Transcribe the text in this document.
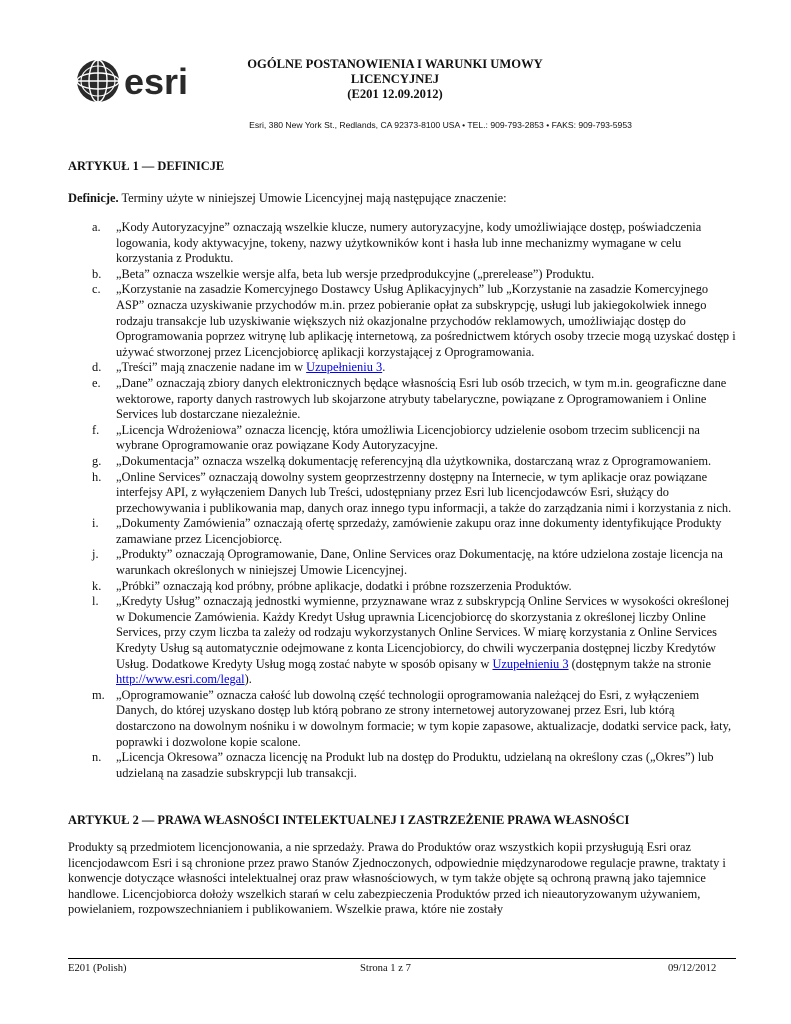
esri	OGÓLNE POSTANOWIENIA I WARUNKI UMOWY
LICENCYJNEJ
(E201 12.09.2012)
Esri, 380 New York St., Redlands, CA 92373-8100 USA • TEL.: 909-793-2853 • FAKS: 909-793-5953
ARTYKUŁ 1 — DEFINICJE
Definicje. Terminy użyte w niniejszej Umowie Licencyjnej mają następujące znaczenie:
a. „Kody Autoryzacyjne” oznaczają wszelkie klucze, numery autoryzacyjne, kody umożliwiające dostęp, poświadczenia logowania, kody aktywacyjne, tokeny, nazwy użytkowników kont i hasła lub inne mechanizmy wymagane w celu korzystania z Produktu.
b. „Beta” oznacza wszelkie wersje alfa, beta lub wersje przedprodukcyjne („prerelease”) Produktu.
c. „Korzystanie na zasadzie Komercyjnego Dostawcy Usług Aplikacyjnych” lub „Korzystanie na zasadzie Komercyjnego ASP” oznacza uzyskiwanie przychodów m.in. przez pobieranie opłat za subskrypcję, usługi lub jakiegokolwiek innego rodzaju transakcje lub uzyskiwanie większych niż okazjonalne przychodów reklamowych, umożliwiając dostęp do Oprogramowania poprzez witrynę lub aplikację internetową, za pośrednictwem których osoby trzecie mogą uzyskać dostęp i używać stworzonej przez Licencjobiorcę aplikacji korzystającej z Oprogramowania.
d. „Treści” mają znaczenie nadane im w Uzupełnieniu 3.
e. „Dane” oznaczają zbiory danych elektronicznych będące własnością Esri lub osób trzecich, w tym m.in. geograficzne dane wektorowe, raporty danych rastrowych lub skojarzone atrybuty tabelaryczne, powiązane z Oprogramowaniem i Online Services lub dostarczane niezależnie.
f. „Licencja Wdrożeniowa” oznacza licencję, która umożliwia Licencjobiorcy udzielenie osobom trzecim sublicencji na wybrane Oprogramowanie oraz powiązane Kody Autoryzacyjne.
g. „Dokumentacja” oznacza wszelką dokumentację referencyjną dla użytkownika, dostarczaną wraz z Oprogramowaniem.
h. „Online Services” oznaczają dowolny system geoprzestrzenny dostępny na Internecie, w tym aplikacje oraz powiązane interfejsy API, z wyłączeniem Danych lub Treści, udostępniany przez Esri lub licencjodawców Esri, służący do przechowywania i publikowania map, danych oraz innego typu informacji, a także do zarządzania nimi i korzystania z nich.
i. „Dokumenty Zamówienia” oznaczają ofertę sprzedaży, zamówienie zakupu oraz inne dokumenty identyfikujące Produkty zamawiane przez Licencjobiorcę.
j. „Produkty” oznaczają Oprogramowanie, Dane, Online Services oraz Dokumentację, na które udzielona zostaje licencja na warunkach określonych w niniejszej Umowie Licencyjnej.
k. „Próbki” oznaczają kod próbny, próbne aplikacje, dodatki i próbne rozszerzenia Produktów.
l. „Kredyty Usług” oznaczają jednostki wymienne, przyznawane wraz z subskrypcją Online Services w wysokości określonej w Dokumencie Zamówienia. Każdy Kredyt Usług uprawnia Licencjobiorcę do skorzystania z określonej liczby Online Services, przy czym liczba ta zależy od rodzaju wykorzystanych Online Services. W miarę korzystania z Online Services Kredyty Usług są automatycznie odejmowane z konta Licencjobiorcy, do chwili wyczerpania dostępnej liczby Kredytów Usług. Dodatkowe Kredyty Usług mogą zostać nabyte w sposób opisany w Uzupełnieniu 3 (dostępnym także na stronie http://www.esri.com/legal).
m. „Oprogramowanie” oznacza całość lub dowolną część technologii oprogramowania należącej do Esri, z wyłączeniem Danych, do której uzyskano dostęp lub którą pobrano ze strony internetowej autoryzowanej przez Esri, lub którą dostarczono na dowolnym nośniku i w dowolnym formacie; w tym kopie zapasowe, aktualizacje, dodatki service pack, łaty, poprawki i dozwolone kopie scalone.
n. „Licencja Okresowa” oznacza licencję na Produkt lub na dostęp do Produktu, udzielaną na określony czas („Okres”) lub udzielaną na zasadzie subskrypcji lub transakcji.
ARTYKUŁ 2 — PRAWA WŁASNOŚCI INTELEKTUALNEJ I ZASTRZEŻENIE PRAWA WŁASNOŚCI
Produkty są przedmiotem licencjonowania, a nie sprzedaży. Prawa do Produktów oraz wszystkich kopii przysługują Esri oraz licencjodawcom Esri i są chronione przez prawo Stanów Zjednoczonych, odpowiednie międzynarodowe regulacje prawne, traktaty i konwencje dotyczące własności intelektualnej oraz praw własnościowych, w tym także objęte są ochroną prawną jako tajemnice handlowe. Licencjobiorca dołoży wszelkich starań w celu zabezpieczenia Produktów przed ich nieautoryzowanym używaniem, powielaniem, rozpowszechnianiem i publikowaniem. Wszelkie prawa, które nie zostały
E201 (Polish)	Strona 1 z 7	09/12/2012
